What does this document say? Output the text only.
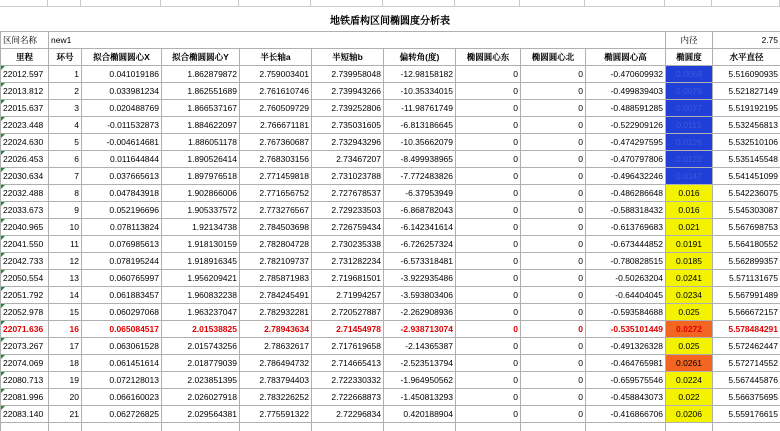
地铁盾构区间椭圆度分析表
区间名称	new1									内径	2.75
里程	环号	拟合椭圆圆心X	拟合椭圆圆心Y	半长轴a	半短轴b	偏转角(度)	椭圆圆心东	椭圆圆心北	椭圆圆心高	椭圆度	水平直径
22012.597	1	0.041019186	1.862879872	2.759003401	2.739958048	-12.98158182	0	0	-0.470609932	0.0069	5.516090935
22013.812	2	0.033981234	1.862551689	2.761610746	2.739943266	-10.35334015	0	0	-0.499839403	0.0079	5.521827149
22015.637	3	0.020488769	1.866537167	2.760509729	2.739252806	-11.98761749	0	0	-0.488591285	0.0077	5.519192195
22023.448	4	-0.011532873	1.884622097	2.766671181	2.735031605	-6.813186645	0	0	-0.522909126	0.0115	5.532456813
22024.630	5	-0.004614681	1.886051178	2.767360687	2.732943296	-10.35662079	0	0	-0.474297595	0.0126	5.532510106
22026.453	6	0.011644844	1.890526414	2.768303156	2.73467207	-8.499938965	0	0	-0.470797806	0.0122	5.535145548
22030.634	7	0.037665613	1.897976518	2.771459818	2.731023788	-7.772483826	0	0	-0.496432246	0.0147	5.541451099
22032.488	8	0.047843918	1.902866006	2.771656752	2.727678537	-6.37953949	0	0	-0.486286648	0.016	5.542236075
22033.673	9	0.052196696	1.905337572	2.773276567	2.729233503	-6.868782043	0	0	-0.588318432	0.016	5.545303087
22040.965	10	0.078113824	1.92134738	2.784503698	2.726759434	-6.142341614	0	0	-0.613769683	0.021	5.567698753
22041.550	11	0.076985613	1.918130159	2.782804728	2.730235338	-6.726257324	0	0	-0.673444852	0.0191	5.564180552
22042.733	12	0.078195244	1.918916345	2.782109737	2.731282234	-6.573318481	0	0	-0.780828515	0.0185	5.562899357
22050.554	13	0.060765997	1.956209421	2.785871983	2.719681501	-3.922935486	0	0	-0.50263204	0.0241	5.571131675
22051.792	14	0.061883457	1.960832238	2.784245491	2.71994257	-3.593803406	0	0	-0.64404045	0.0234	5.567991489
22052.978	15	0.060297068	1.963237047	2.782932281	2.720527887	-2.262908936	0	0	-0.593584688	0.025	5.566672157
22071.636	16	0.065084517	2.01538825	2.78943634	2.71454978	-2.938713074	0	0	-0.535101449	0.0272	5.578484291
22073.267	17	0.063061528	2.015743256	2.78632617	2.717619658	-2.14365387	0	0	-0.491326328	0.025	5.572462447
22074.069	18	0.061451614	2.018779039	2.786494732	2.714665413	-2.523513794	0	0	-0.464765981	0.0261	5.572714552
22080.713	19	0.072128013	2.023851395	2.783794403	2.722330332	-1.964950562	0	0	-0.659575546	0.0224	5.567445876
22081.996	20	0.066160023	2.026027918	2.783226252	2.722668873	-1.450813293	0	0	-0.458843073	0.022	5.566375695
22083.140	21	0.062726825	2.029564381	2.775591322	2.72296834	0.420188904	0	0	-0.416866706	0.0206	5.559176615
